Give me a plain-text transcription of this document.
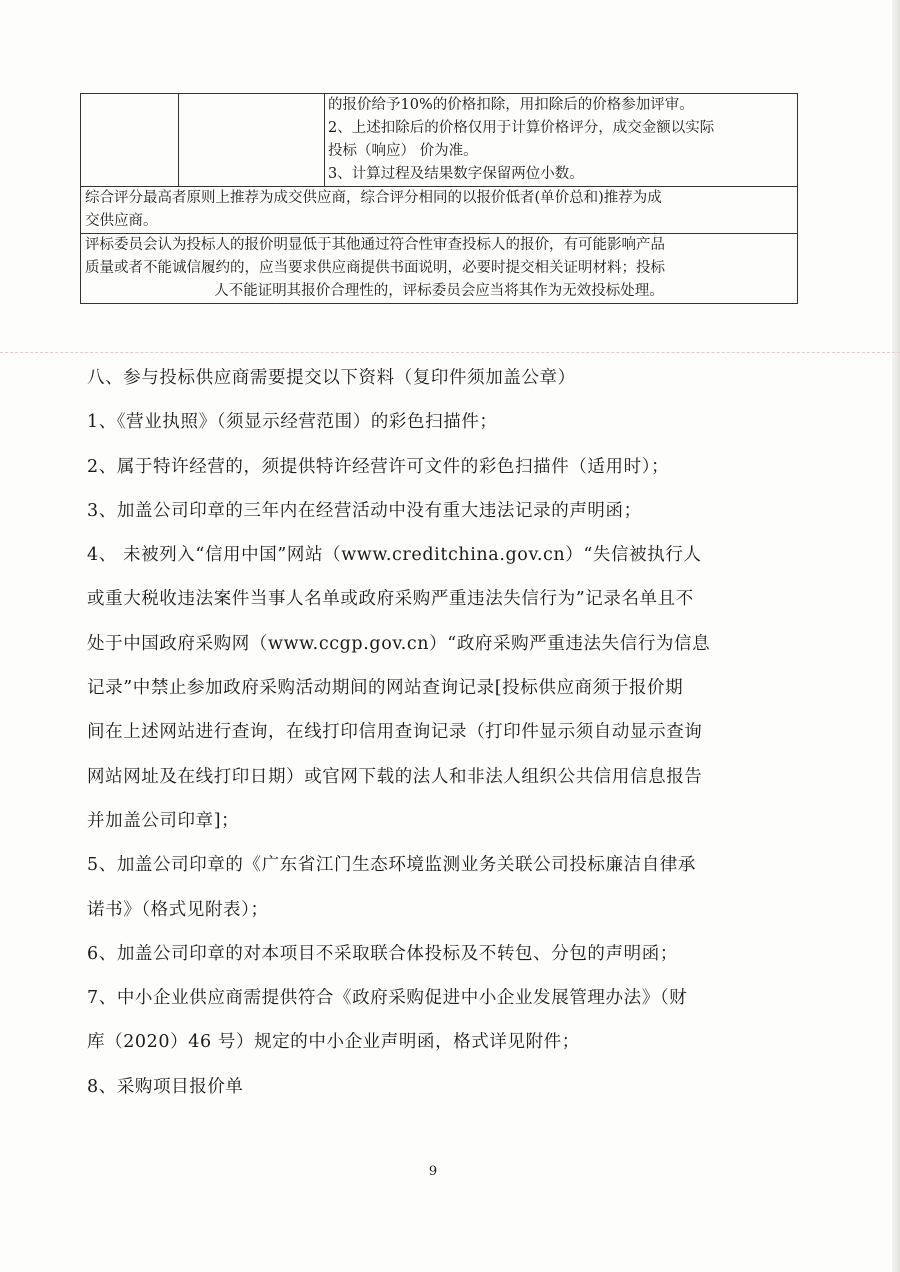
的报价给予10%的价格扣除，用扣除后的价格参加评审。
2、上述扣除后的价格仅用于计算价格评分，成交金额以实际
投标（响应） 价为准。
3、计算过程及结果数字保留两位小数。
综合评分最高者原则上推荐为成交供应商，综合评分相同的以报价低者(单价总和)推荐为成
交供应商。
评标委员会认为投标人的报价明显低于其他通过符合性审查投标人的报价，有可能影响产品
质量或者不能诚信履约的，应当要求供应商提供书面说明，必要时提交相关证明材料；投标
人不能证明其报价合理性的，评标委员会应当将其作为无效投标处理。

八、参与投标供应商需要提交以下资料（复印件须加盖公章）

1、《营业执照》（须显示经营范围）的彩色扫描件；

2、属于特许经营的，须提供特许经营许可文件的彩色扫描件（适用时）；

3、加盖公司印章的三年内在经营活动中没有重大违法记录的声明函；

4、 未被列入“信用中国”网站（www.creditchina.gov.cn）“失信被执行人

或重大税收违法案件当事人名单或政府采购严重违法失信行为”记录名单且不

处于中国政府采购网（www.ccgp.gov.cn）“政府采购严重违法失信行为信息

记录”中禁止参加政府采购活动期间的网站查询记录[投标供应商须于报价期

间在上述网站进行查询，在线打印信用查询记录（打印件显示须自动显示查询

网站网址及在线打印日期）或官网下载的法人和非法人组织公共信用信息报告

并加盖公司印章]；

5、加盖公司印章的《广东省江门生态环境监测业务关联公司投标廉洁自律承

诺书》（格式见附表）；

6、加盖公司印章的对本项目不采取联合体投标及不转包、分包的声明函；

7、中小企业供应商需提供符合《政府采购促进中小企业发展管理办法》（财

库（2020）46 号）规定的中小企业声明函，格式详见附件；

8、采购项目报价单

9
